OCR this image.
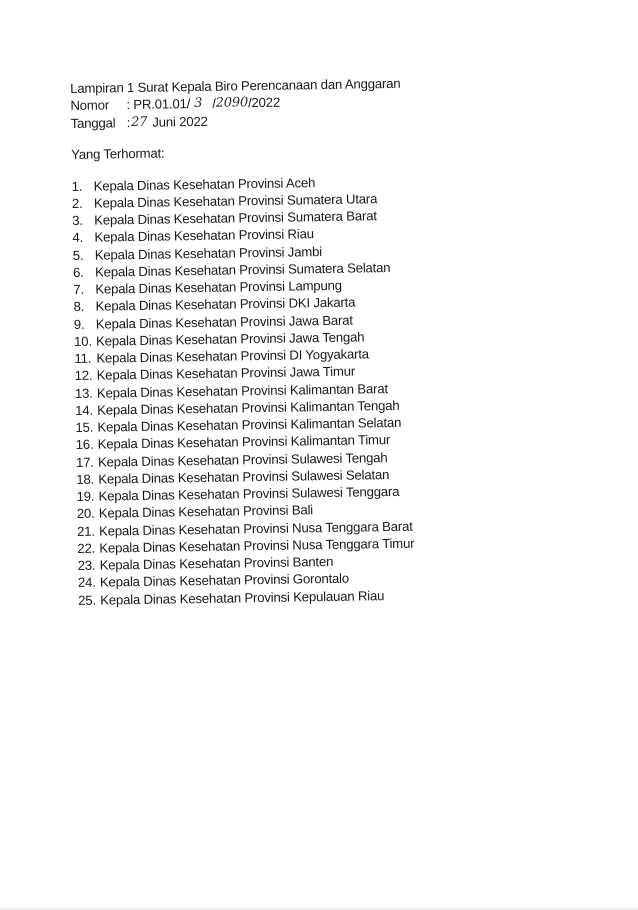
Lampiran 1 Surat Kepala Biro Perencanaan dan Anggaran
Nomor	: PR.01.01/ 3 / 2090 /2022
Tanggal : 27 Juni 2022
Yang Terhormat:
1. Kepala Dinas Kesehatan Provinsi Aceh
2. Kepala Dinas Kesehatan Provinsi Sumatera Utara
3. Kepala Dinas Kesehatan Provinsi Sumatera Barat
4. Kepala Dinas Kesehatan Provinsi Riau
5. Kepala Dinas Kesehatan Provinsi Jambi
6. Kepala Dinas Kesehatan Provinsi Sumatera Selatan
7. Kepala Dinas Kesehatan Provinsi Lampung
8. Kepala Dinas Kesehatan Provinsi DKI Jakarta
9. Kepala Dinas Kesehatan Provinsi Jawa Barat
10. Kepala Dinas Kesehatan Provinsi Jawa Tengah
11. Kepala Dinas Kesehatan Provinsi DI Yogyakarta
12. Kepala Dinas Kesehatan Provinsi Jawa Timur
13. Kepala Dinas Kesehatan Provinsi Kalimantan Barat
14. Kepala Dinas Kesehatan Provinsi Kalimantan Tengah
15. Kepala Dinas Kesehatan Provinsi Kalimantan Selatan
16. Kepala Dinas Kesehatan Provinsi Kalimantan Timur
17. Kepala Dinas Kesehatan Provinsi Sulawesi Tengah
18. Kepala Dinas Kesehatan Provinsi Sulawesi Selatan
19. Kepala Dinas Kesehatan Provinsi Sulawesi Tenggara
20. Kepala Dinas Kesehatan Provinsi Bali
21. Kepala Dinas Kesehatan Provinsi Nusa Tenggara Barat
22. Kepala Dinas Kesehatan Provinsi Nusa Tenggara Timur
23. Kepala Dinas Kesehatan Provinsi Banten
24. Kepala Dinas Kesehatan Provinsi Gorontalo
25. Kepala Dinas Kesehatan Provinsi Kepulauan Riau
